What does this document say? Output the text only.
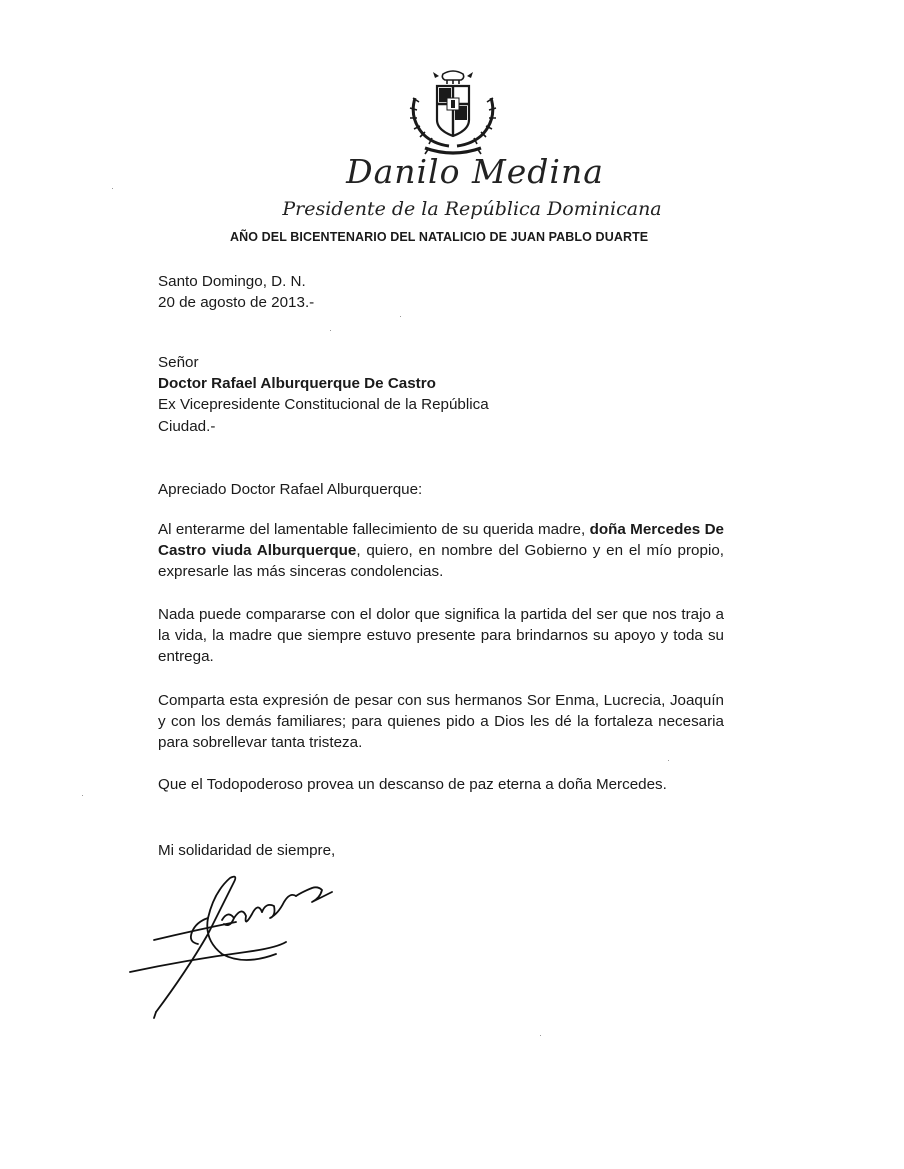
Danilo Medina
Presidente de la República Dominicana
AÑO DEL BICENTENARIO DEL NATALICIO DE JUAN PABLO DUARTE

Santo Domingo, D. N.

20 de agosto de 2013.-

Señor

Doctor Rafael Alburquerque De Castro

Ex Vicepresidente Constitucional de la República

Ciudad.-

Apreciado Doctor Rafael Alburquerque:
Al enterarme del lamentable fallecimiento de su querida madre, doña Mercedes De Castro viuda Alburquerque, quiero, en nombre del Gobierno y en el mío propio, expresarle las más sinceras condolencias.
Nada puede compararse con el dolor que significa la partida del ser que nos trajo a la vida, la madre que siempre estuvo presente para brindarnos su apoyo y toda su entrega.
Comparta esta expresión de pesar con sus hermanos Sor Enma, Lucrecia, Joaquín y con los demás familiares; para quienes pido a Dios les dé la fortaleza necesaria para sobrellevar tanta tristeza.
Que el Todopoderoso provea un descanso de paz eterna a doña Mercedes.
Mi solidaridad de siempre,
